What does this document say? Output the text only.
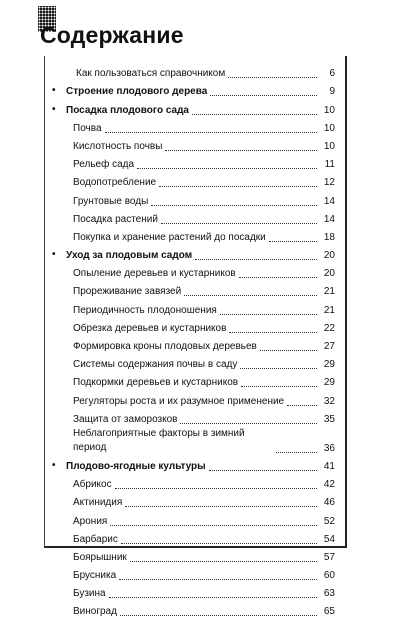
Содержание
Как пользоваться справочником	6
•	Строение плодового дерева	9
•	Посадка плодового сада	10
Почва	10
Кислотность почвы	10
Рельеф сада	11
Водопотребление	12
Грунтовые воды	14
Посадка растений	14
Покупка и хранение растений до посадки	18
•	Уход за плодовым садом	20
Опыление деревьев и кустарников	20
Прореживание завязей	21
Периодичность плодоношения	21
Обрезка деревьев и кустарников	22
Формировка кроны плодовых деревьев	27
Системы содержания почвы в саду	29
Подкормки деревьев и кустарников	29
Регуляторы роста и их разумное применение	32
Защита от заморозков	35
Неблагоприятные факторы в зимний период	36
•	Плодово-ягодные культуры	41
Абрикос	42
Актинидия	46
Арония	52
Барбарис	54
Боярышник	57
Брусника	60
Бузина	63
Виноград	65
